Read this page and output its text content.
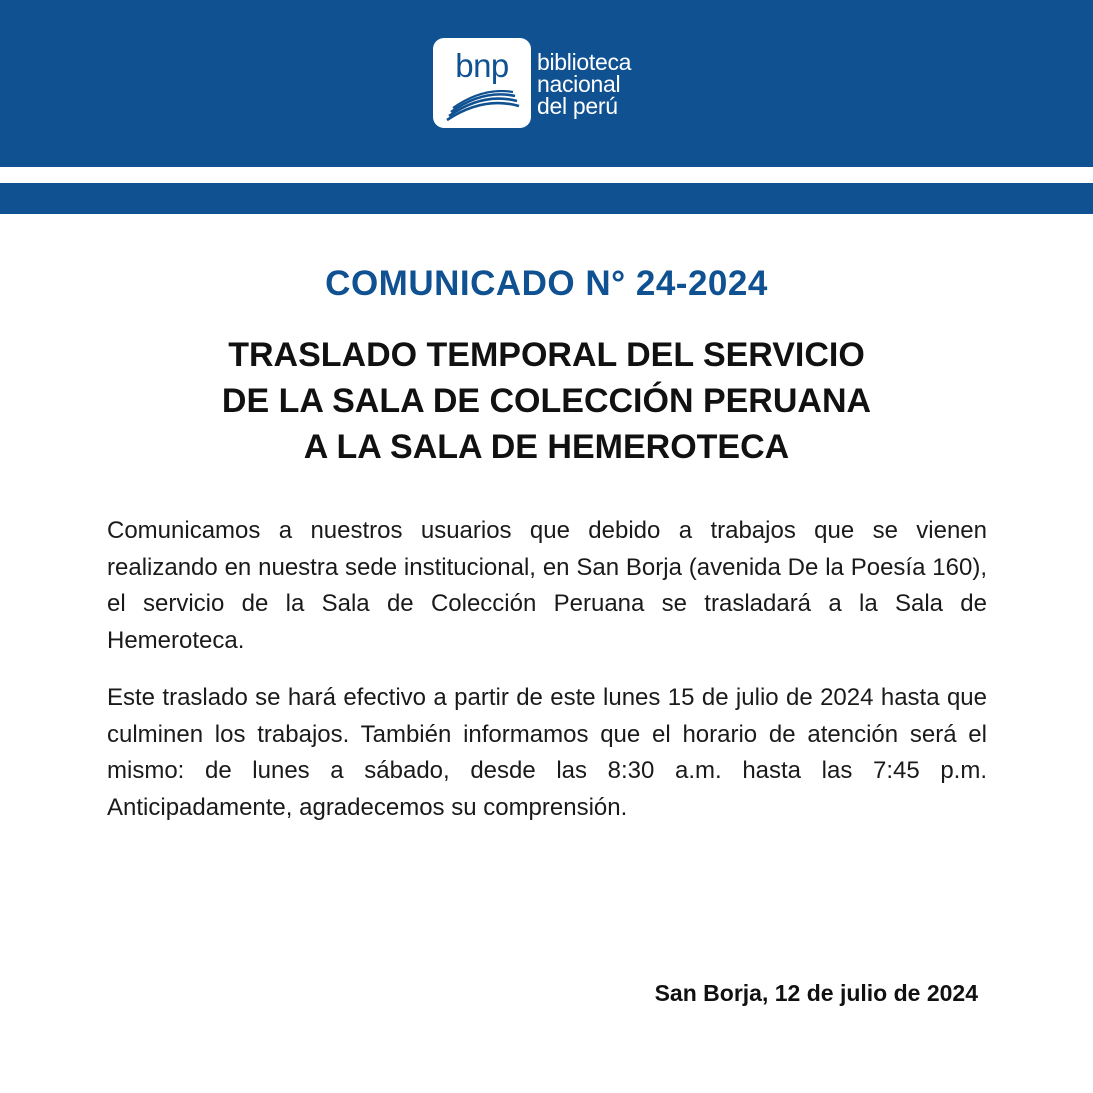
bnp	biblioteca
nacional
del perú
COMUNICADO N° 24-2024
TRASLADO TEMPORAL DEL SERVICIO
DE LA SALA DE COLECCIÓN PERUANA
A LA SALA DE HEMEROTECA

Comunicamos a nuestros usuarios que debido a trabajos que se vienen realizando en nuestra sede institucional, en San Borja (avenida De la Poesía 160), el servicio de la Sala de Colección Peruana se trasladará a la Sala de Hemeroteca.

Este traslado se hará efectivo a partir de este lunes 15 de julio de 2024 hasta que culminen los trabajos. También informamos que el horario de atención será el mismo: de lunes a sábado, desde las 8:30 a.m. hasta las 7:45 p.m. Anticipadamente, agradecemos su comprensión.

San Borja, 12 de julio de 2024
